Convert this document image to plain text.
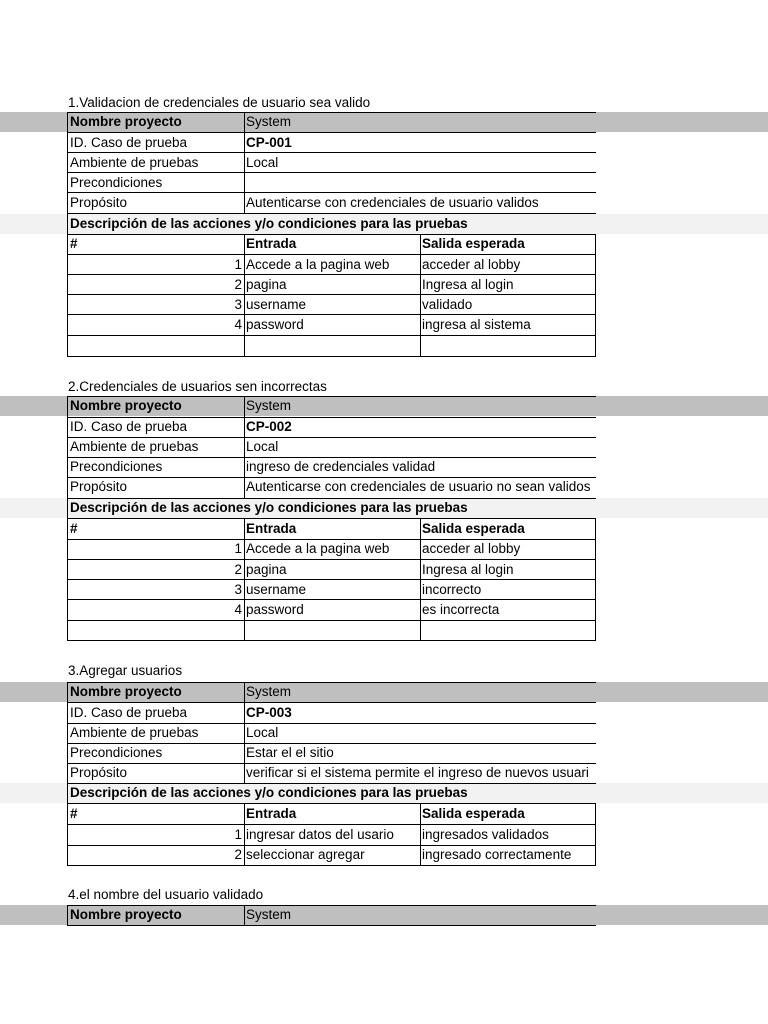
1.Validacion de credenciales de usuario sea valido
Nombre proyecto	System
ID. Caso de prueba	CP-001
Ambiente de pruebas	Local
Precondiciones
Propósito	Autenticarse con credenciales de usuario validos
Descripción de las acciones y/o condiciones para las pruebas
#	Entrada	Salida esperada
1 Accede a la pagina web	acceder al lobby
2 pagina	Ingresa al login
3 username	validado
4 password	ingresa al sistema
2.Credenciales de usuarios sen incorrectas
Nombre proyecto	System
ID. Caso de prueba	CP-002
Ambiente de pruebas	Local
Precondiciones	ingreso de credenciales validad
Propósito	Autenticarse con credenciales de usuario no sean validos
Descripción de las acciones y/o condiciones para las pruebas
#	Entrada	Salida esperada
1 Accede a la pagina web	acceder al lobby
2 pagina	Ingresa al login
3 username	incorrecto
4 password	es incorrecta
3.Agregar usuarios
Nombre proyecto	System
ID. Caso de prueba	CP-003
Ambiente de pruebas	Local
Precondiciones	Estar el el sitio
Propósito	verificar si el sistema permite el ingreso de nuevos usuari
Descripción de las acciones y/o condiciones para las pruebas
#	Entrada	Salida esperada
1 ingresar datos del usario	ingresados validados
2 seleccionar agregar	ingresado correctamente
4.el nombre del usuario validado
Nombre proyecto	System
